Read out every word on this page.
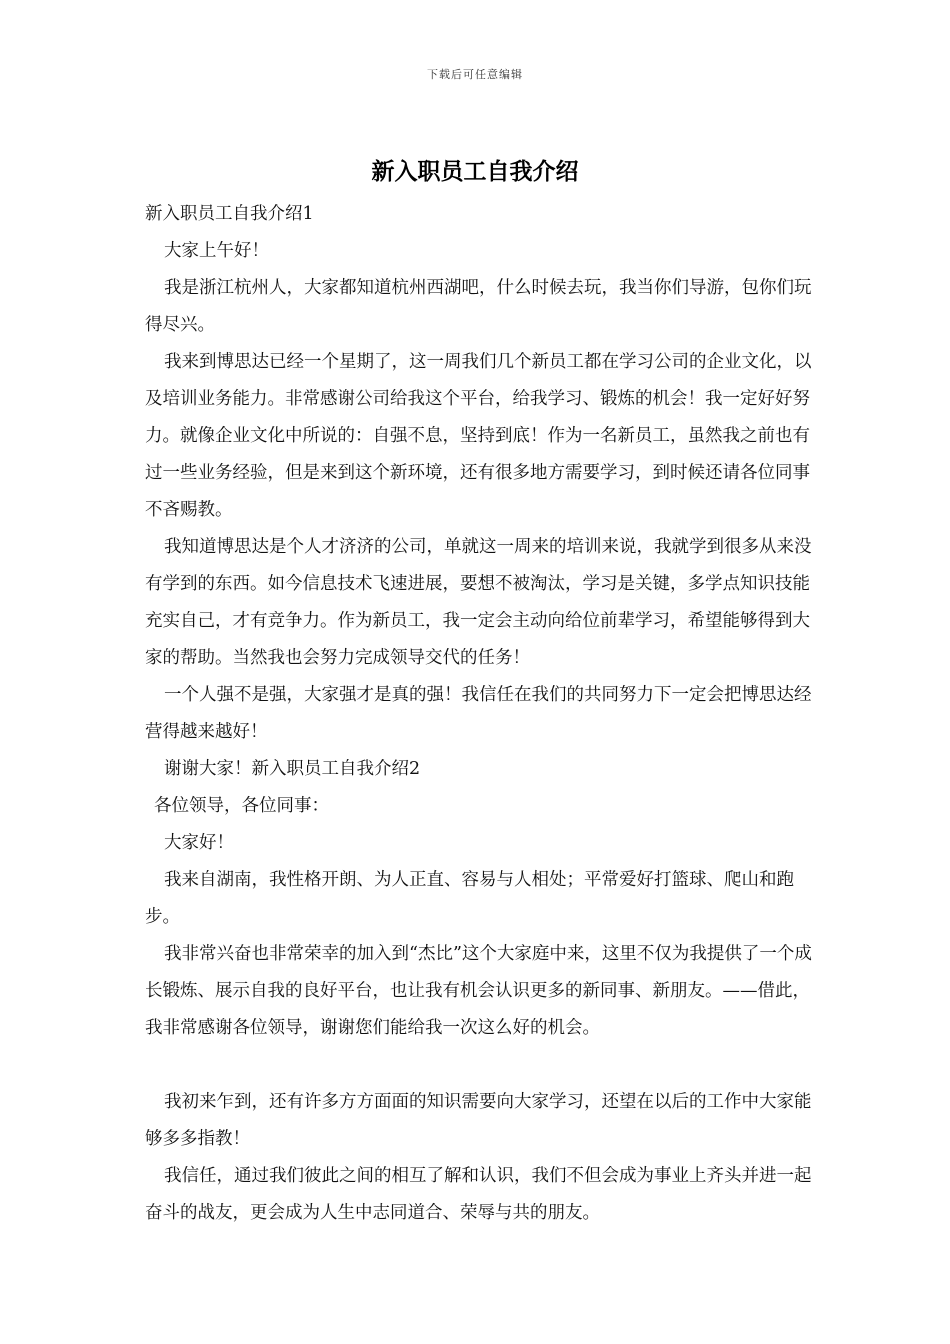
下载后可任意编辑
新入职员工自我介绍

新入职员工自我介绍1

大家上午好！

我是浙江杭州人，大家都知道杭州西湖吧，什么时候去玩，我当你们导游，包你们玩得尽兴。

我来到博思达已经一个星期了，这一周我们几个新员工都在学习公司的企业文化，以及培训业务能力。非常感谢公司给我这个平台，给我学习、锻炼的机会！我一定好好努力。就像企业文化中所说的：自强不息，坚持到底！作为一名新员工，虽然我之前也有过一些业务经验，但是来到这个新环境，还有很多地方需要学习，到时候还请各位同事不吝赐教。

我知道博思达是个人才济济的公司，单就这一周来的培训来说，我就学到很多从来没有学到的东西。如今信息技术飞速进展，要想不被淘汰，学习是关键，多学点知识技能充实自己，才有竞争力。作为新员工，我一定会主动向给位前辈学习，希望能够得到大家的帮助。当然我也会努力完成领导交代的任务！

一个人强不是强，大家强才是真的强！我信任在我们的共同努力下一定会把博思达经营得越来越好！

谢谢大家！新入职员工自我介绍2

各位领导，各位同事：

大家好！

我来自湖南，我性格开朗、为人正直、容易与人相处；平常爱好打篮球、爬山和跑步。

我非常兴奋也非常荣幸的加入到“杰比”这个大家庭中来，这里不仅为我提供了一个成长锻炼、展示自我的良好平台，也让我有机会认识更多的新同事、新朋友。——借此，我非常感谢各位领导，谢谢您们能给我一次这么好的机会。

我初来乍到，还有许多方方面面的知识需要向大家学习，还望在以后的工作中大家能够多多指教！

我信任，通过我们彼此之间的相互了解和认识，我们不但会成为事业上齐头并进一起奋斗的战友，更会成为人生中志同道合、荣辱与共的朋友。
